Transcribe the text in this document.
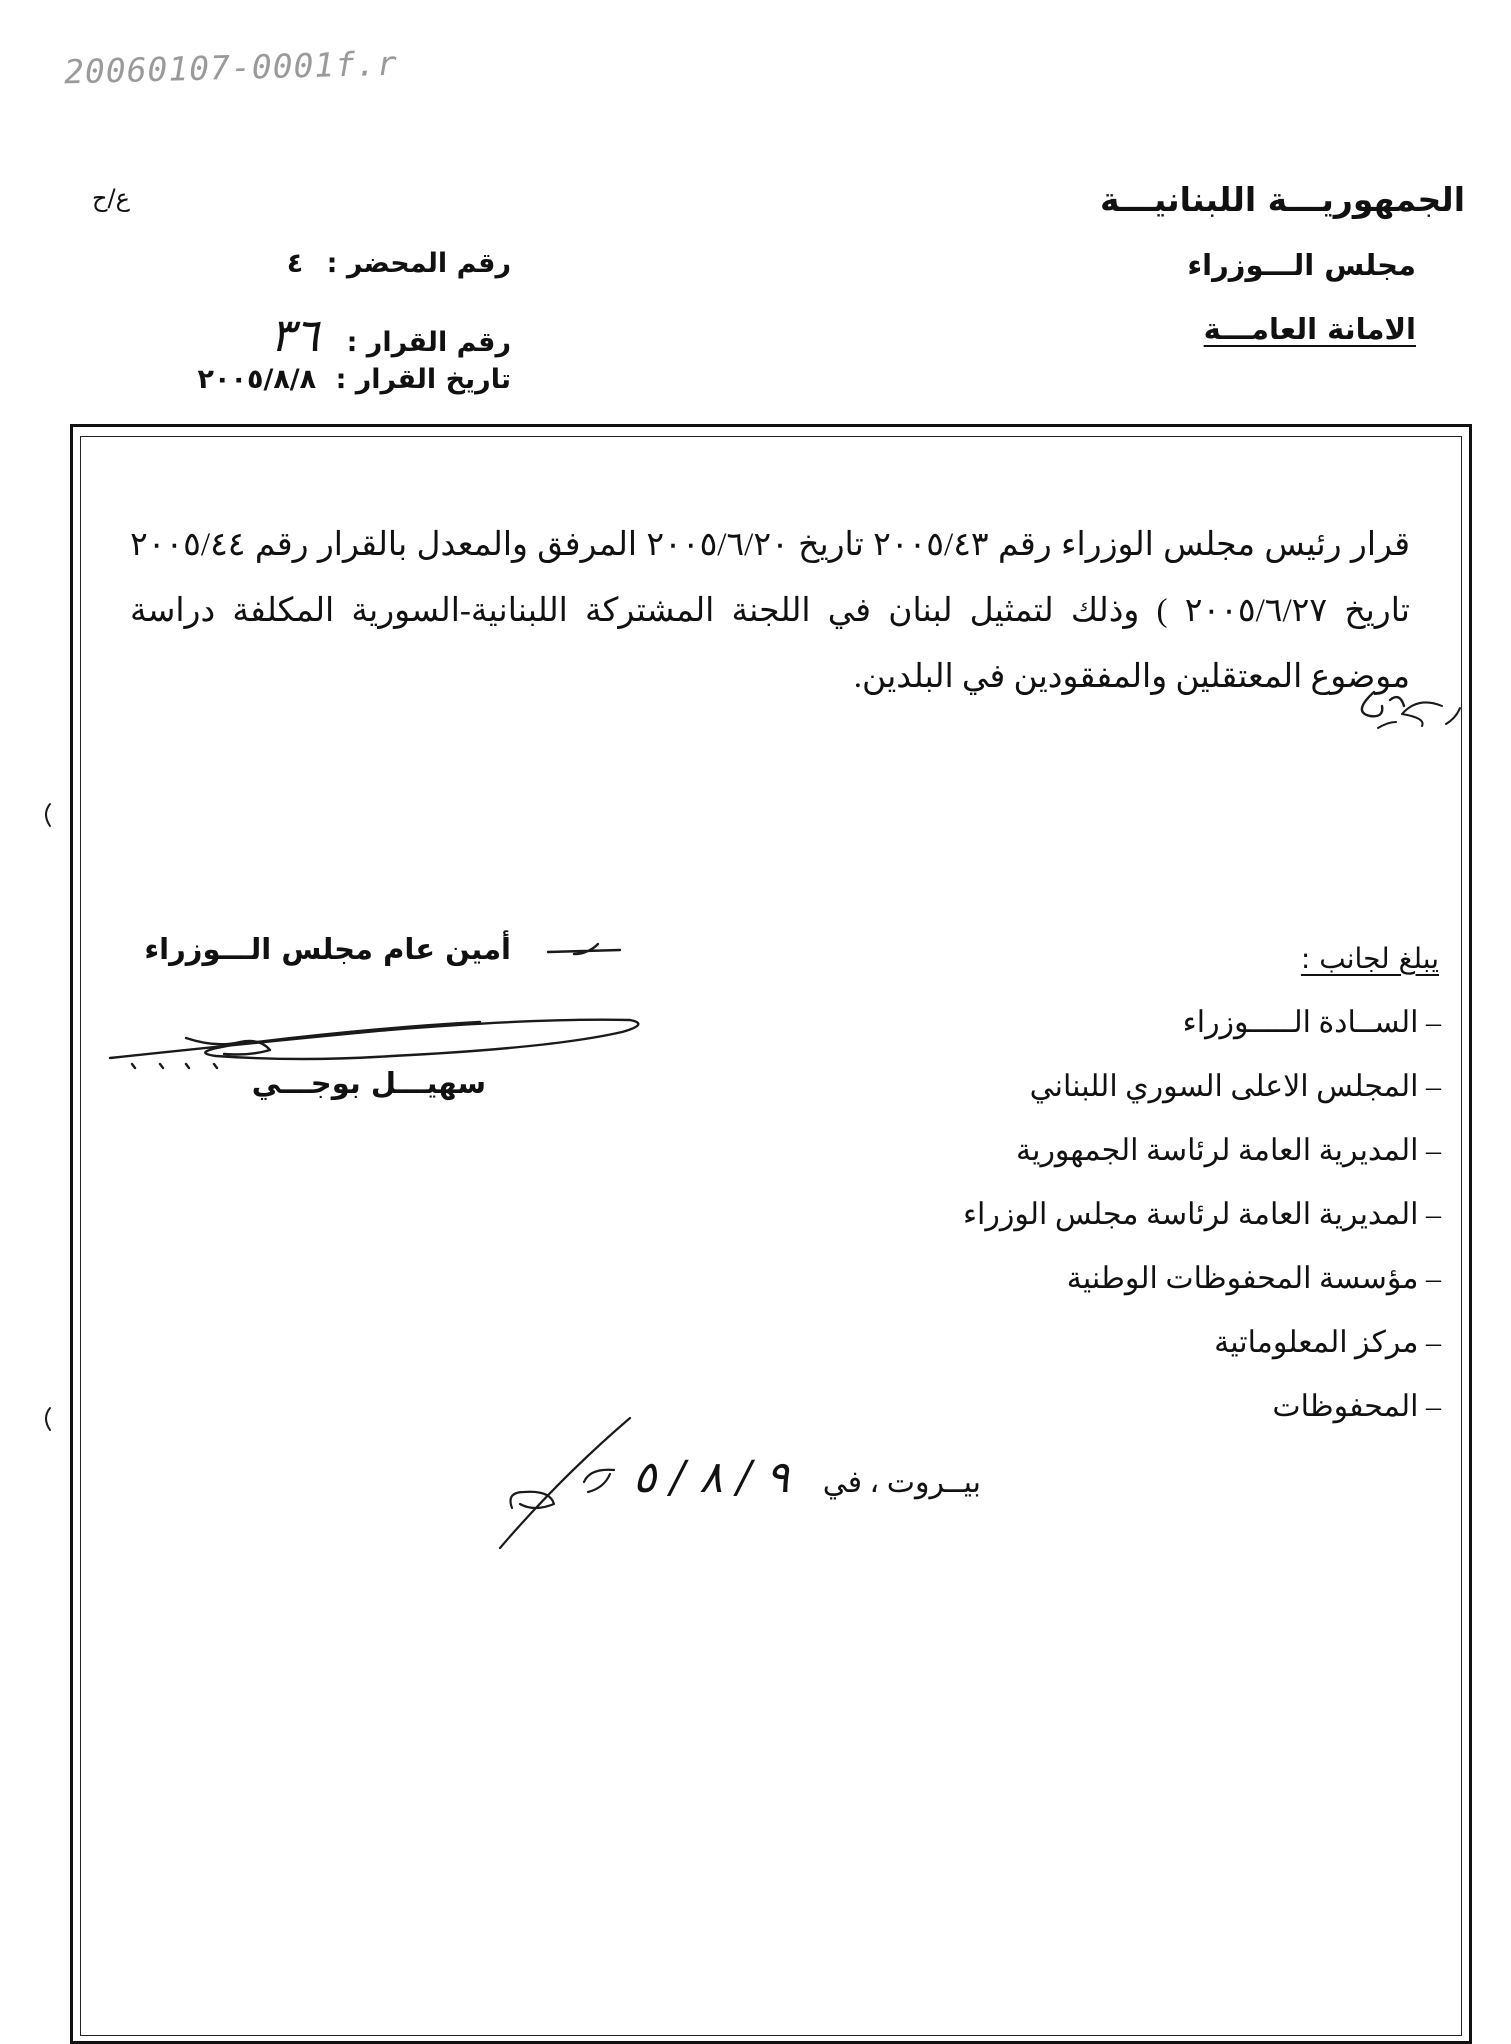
20060107-0001f.r
الجمهوريـــة اللبنانيـــة
مجلس الـــوزراء
الامانة العامـــة
ع/ح
رقم المحضر : ٤
رقم القرار : ٣٦
تاريخ القرار : ٢٠٠٥/٨/٨
قرار رئيس مجلس الوزراء رقم ٢٠٠٥/٤٣ تاريخ ٢٠٠٥/٦/٢٠ المرفق والمعدل بالقرار رقم ٢٠٠٥/٤٤ تاريخ ٢٠٠٥/٦/٢٧ ) وذلك لتمثيل لبنان في اللجنة المشتركة اللبنانية-السورية المكلفة دراسة موضوع المعتقلين والمفقودين في البلدين.
أمين عام مجلس الـــوزراء
سهيـــل بوجـــي
يبلغ لجانب :
– الســادة الـــــوزراء
– المجلس الاعلى السوري اللبناني
– المديرية العامة لرئاسة الجمهورية
– المديرية العامة لرئاسة مجلس الوزراء
– مؤسسة المحفوظات الوطنية
– مركز المعلوماتية
– المحفوظات
بيــروت ، في ٩ / ٨ / ٥
